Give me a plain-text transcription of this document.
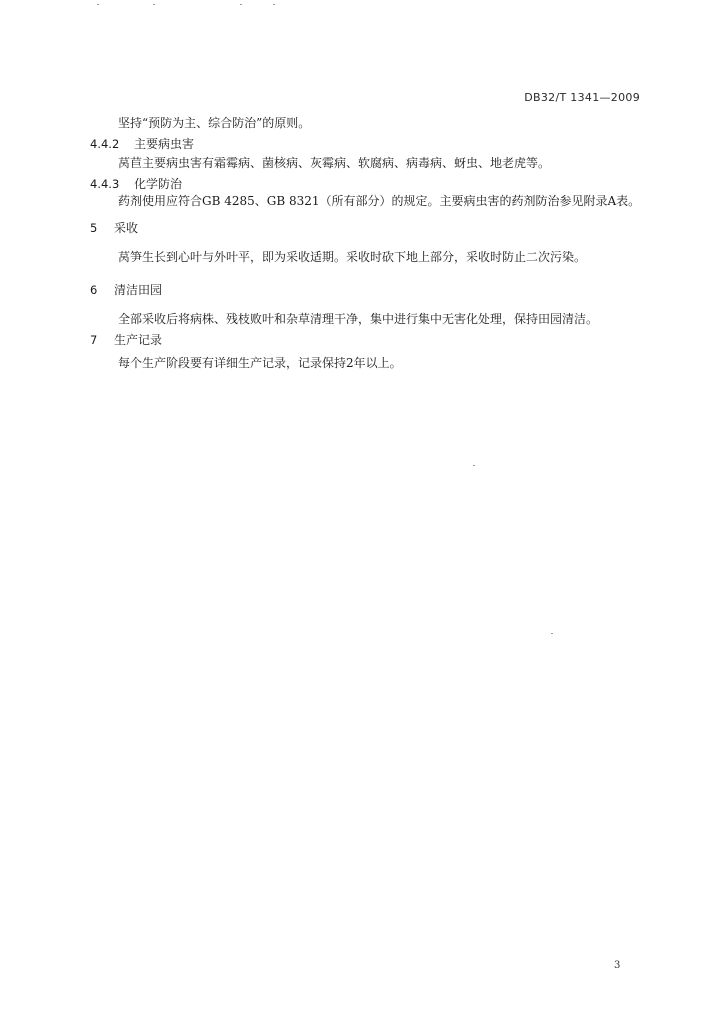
DB32/T 1341—2009
坚持“预防为主、综合防治”的原则。
4.4.2 主要病虫害
莴苣主要病虫害有霜霉病、菌核病、灰霉病、软腐病、病毒病、蚜虫、地老虎等。
4.4.3 化学防治
药剂使用应符合GB 4285、GB 8321（所有部分）的规定。主要病虫害的药剂防治参见附录A表。
5 采收
莴笋生长到心叶与外叶平，即为采收适期。采收时砍下地上部分，采收时防止二次污染。
6 清洁田园
全部采收后将病株、残枝败叶和杂草清理干净，集中进行集中无害化处理，保持田园清洁。
7 生产记录
每个生产阶段要有详细生产记录，记录保持2年以上。
3
